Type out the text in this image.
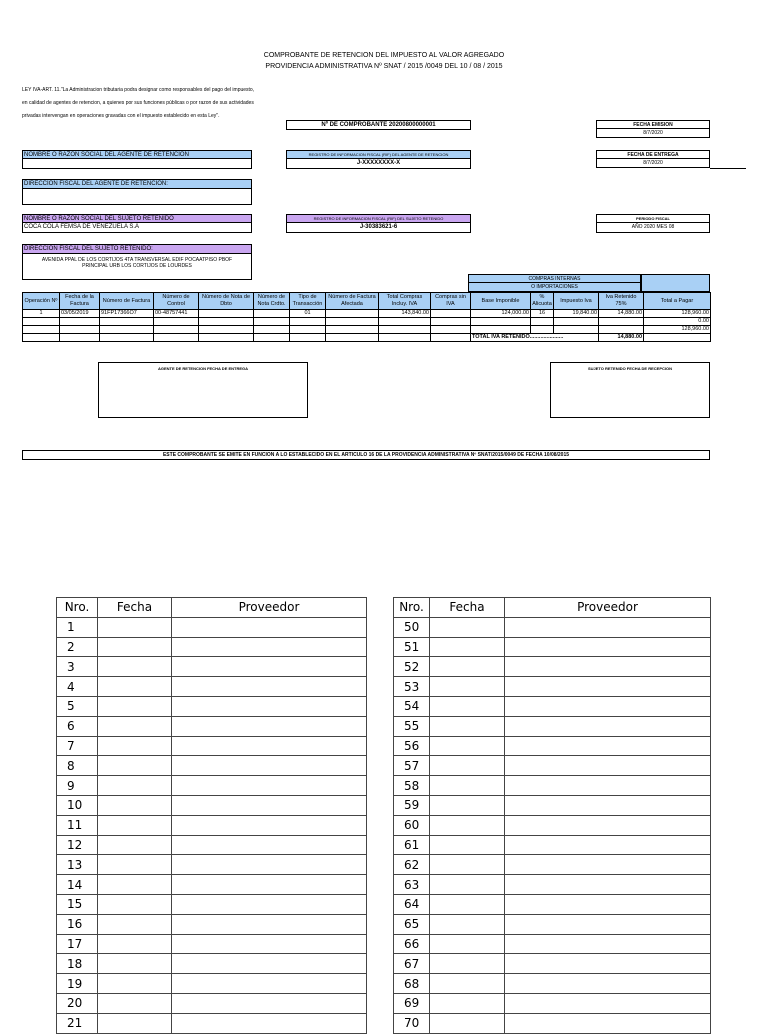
COMPROBANTE DE RETENCION DEL IMPUESTO AL VALOR AGREGADO
PROVIDENCIA ADMINISTRATIVA Nº SNAT / 2015 /0049 DEL 10 / 08 / 2015
LEY IVA-ART. 11."La Administracion tributaria podra designar como responsables del pago del impuesto,
en calidad de agentes de retencion, a quienes por sus funciones públicas o por razon de sus actividades
privadas intervengan en operaciones gravadas con el impuesto establecido en esta Ley".
Nº DE COMPROBANTE 20200800000001	FECHA EMISION
8/7/2020
NOMBRE O RAZON SOCIAL DEL AGENTE DE RETENCION	REGISTRO DE INFORMACION FISCAL (RIF) DEL AGENTE DE RETENCION
J-XXXXXXXX-X
FECHA DE ENTREGA
8/7/2020
DIRECCION FISCAL DEL AGENTE DE RETENCION:
NOMBRE O RAZON SOCIAL DEL SUJETO RETENIDO
COCA COLA FEMSA DE VENEZUELA S.A
REGISTRO DE INFORMACION FISCAL (RIF) DEL SUJETO RETENIDO
J-30383621-6
PERIODO FISCAL
AÑO 2020 MES 08
DIRECCION FISCAL DEL SUJETO RETENIDO:
AVENIDA PPAL DE LOS CORTIJOS 4TA TRANSVERSAL EDIF POCAATPISO PBOF
PRINCIPAL URB LOS CORTIJOS DE LOURDES
COMPRAS INTERNAS
O IMPORTACIONES
Operación Nº	Fecha de la Factura	Número de Factura	Número de Control	Número de Nota de Dbto	Número de Nota Crdto.	Tipo de Transacción	Número de Factura Afectada	Total Compras Incluy. IVA	Compras sin IVA	Base Imponible	% Alicuota	Impuesto Iva	Iva Retenido 75%	Total a Pagar
1	03/05/2019	91FP17366O7	00-48757441			01		143,840.00		124,000.00	16	19,840.00	14,880.00	128,960.00
														0.00
														128,960.00
										TOTAL IVA RETENIDO......................			14,880.00	
AGENTE DE RETENCION FECHA DE ENTREGA	SUJETO RETENIDO FECHA DE RECEPCION
ESTE COMPROBANTE SE EMITE EN FUNCION A LO ESTABLECIDO EN EL ARTICULO 16 DE LA PROVIDENCIA ADMINISTRATIVA Nº SNAT/2015/0049 DE FECHA 10/08/2015
Nro.	Fecha	Proveedor
1		
2		
3		
4		
5		
6		
7		
8		
9		
10		
11		
12		
13		
14		
15		
16		
17		
18		
19		
20		
21		
Nro.	Fecha	Proveedor
50		
51		
52		
53		
54		
55		
56		
57		
58		
59		
60		
61		
62		
63		
64		
65		
66		
67		
68		
69		
70		
